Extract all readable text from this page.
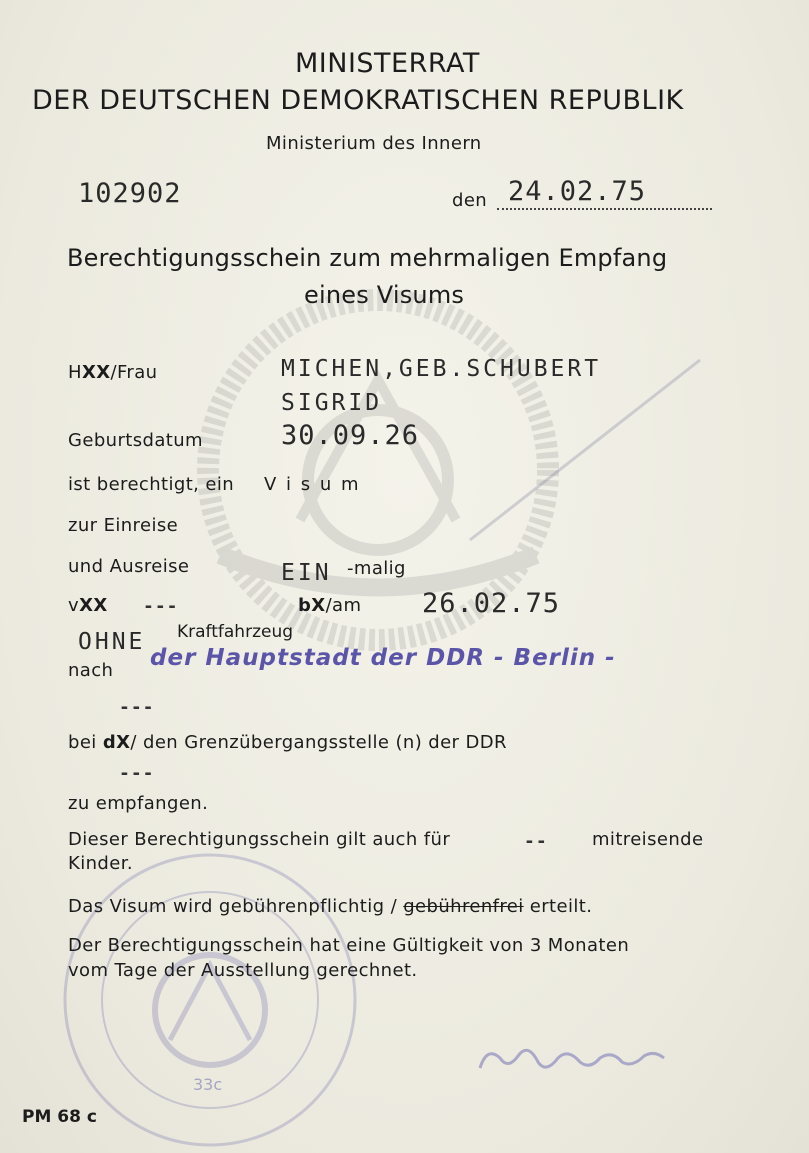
33c
MINISTERRAT
DER DEUTSCHEN DEMOKRATISCHEN REPUBLIK
Ministerium des Innern
102902	den 24.02.75
Berechtigungsschein zum mehrmaligen Empfang
eines Visums
HXX/Frau	MICHEN,GEB.SCHUBERT
SIGRID
Geburtsdatum	30.09.26
ist berechtigt, ein V i s u m
zur Einreise
und Ausreise	EIN -malig
vXX ---	bX/am 26.02.75
OHNE Kraftfahrzeug
nach der Hauptstadt der DDR - Berlin -
---
bei dX/ den Grenzübergangsstelle (n) der DDR
---
zu empfangen.
Dieser Berechtigungsschein gilt auch für	-- mitreisende
Kinder.
Das Visum wird gebührenpflichtig / gebührenfrei erteilt.
Der Berechtigungsschein hat eine Gültigkeit von 3 Monaten
vom Tage der Ausstellung gerechnet.
PM 68 c
